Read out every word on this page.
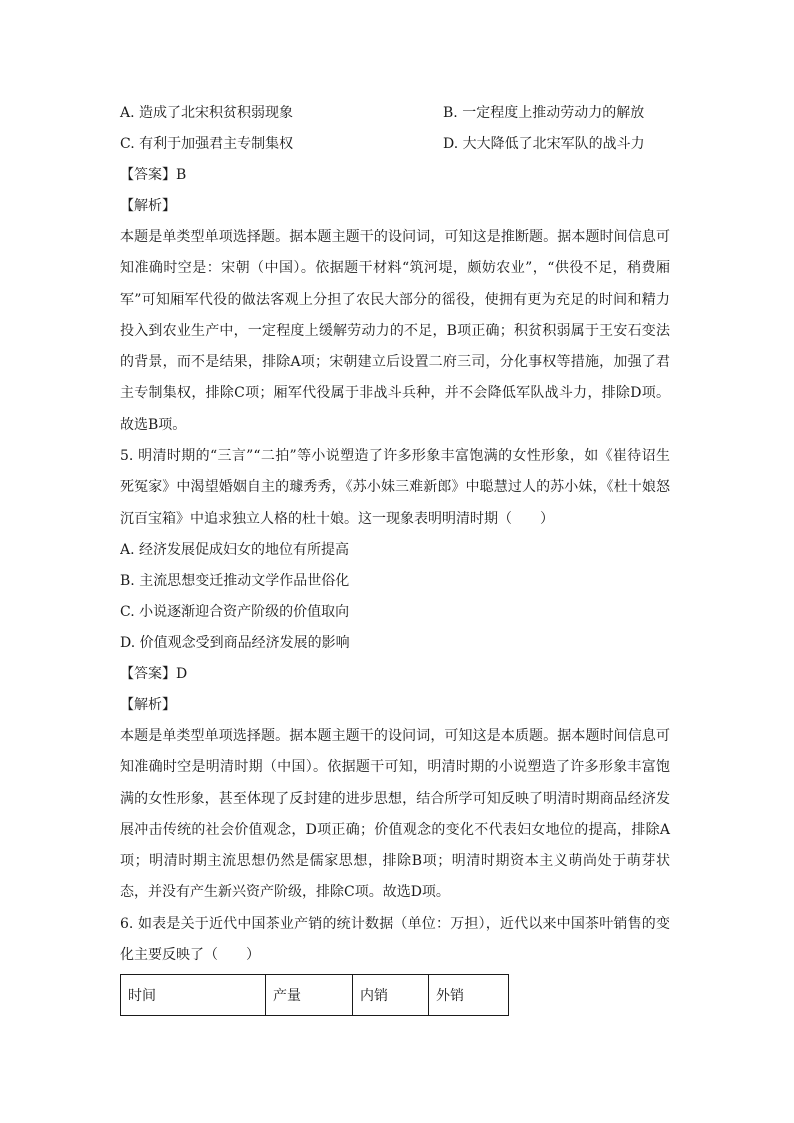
A. 造成了北宋积贫积弱现象	B. 一定程度上推动劳动力的解放
C. 有利于加强君主专制集权	D. 大大降低了北宋军队的战斗力
【答案】B
【解析】

本题是单类型单项选择题。据本题主题干的设问词，可知这是推断题。据本题时间信息可知准确时空是：宋朝（中国）。依据题干材料“筑河堤，颇妨农业”，“供役不足，稍费厢军”可知厢军代役的做法客观上分担了农民大部分的徭役，使拥有更为充足的时间和精力投入到农业生产中，一定程度上缓解劳动力的不足，B项正确；积贫积弱属于王安石变法的背景，而不是结果，排除A项；宋朝建立后设置二府三司，分化事权等措施，加强了君主专制集权，排除C项；厢军代役属于非战斗兵种，并不会降低军队战斗力，排除D项。故选B项。

5. 明清时期的“三言”“二拍”等小说塑造了许多形象丰富饱满的女性形象，如《崔待诏生死冤家》中渴望婚姻自主的璩秀秀，《苏小妹三难新郎》中聪慧过人的苏小妹，《杜十娘怒沉百宝箱》中追求独立人格的杜十娘。这一现象表明明清时期（　　）

A. 经济发展促成妇女的地位有所提高
B. 主流思想变迁推动文学作品世俗化
C. 小说逐渐迎合资产阶级的价值取向
D. 价值观念受到商品经济发展的影响
【答案】D
【解析】

本题是单类型单项选择题。据本题主题干的设问词，可知这是本质题。据本题时间信息可知准确时空是明清时期（中国）。依据题干可知，明清时期的小说塑造了许多形象丰富饱满的女性形象，甚至体现了反封建的进步思想，结合所学可知反映了明清时期商品经济发展冲击传统的社会价值观念，D项正确；价值观念的变化不代表妇女地位的提高，排除A项；明清时期主流思想仍然是儒家思想，排除B项；明清时期资本主义萌尚处于萌芽状态，并没有产生新兴资产阶级，排除C项。故选D项。

6. 如表是关于近代中国茶业产销的统计数据（单位：万担），近代以来中国茶叶销售的变化主要反映了（　　）

时间	产量	内销	外销
